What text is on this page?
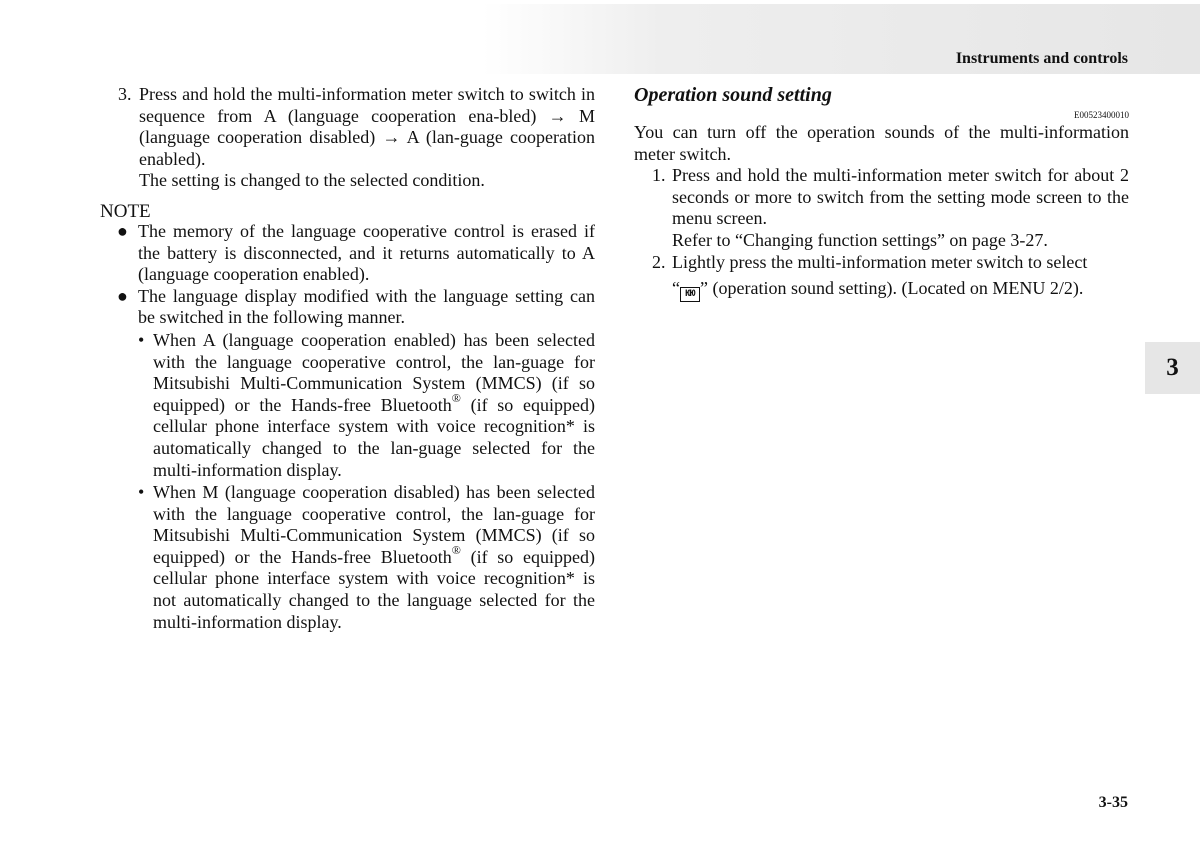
Instruments and controls
3. Press and hold the multi-information meter switch to switch in sequence from A (language cooperation ena-bled) → M (language cooperation disabled) → A (lan-guage cooperation enabled).

The setting is changed to the selected condition.

NOTE
● The memory of the language cooperative control is erased if the battery is disconnected, and it returns automatically to A (language cooperation enabled).
● The language display modified with the language setting can be switched in the following manner.
• When A (language cooperation enabled) has been selected with the language cooperative control, the lan-guage for Mitsubishi Multi-Communication System (MMCS) (if so equipped) or the Hands-free Bluetooth® (if so equipped) cellular phone interface system with voice recognition* is automatically changed to the lan-guage selected for the multi-information display.

• When M (language cooperation disabled) has been selected with the language cooperative control, the lan-guage for Mitsubishi Multi-Communication System (MMCS) (if so equipped) or the Hands-free Bluetooth® (if so equipped) cellular phone interface system with voice recognition* is not automatically changed to the language selected for the multi-information display.

Operation sound setting
E00523400010

You can turn off the operation sounds of the multi-information meter switch.

1. Press and hold the multi-information meter switch for about 2 seconds or more to switch from the setting mode screen to the menu screen.

Refer to “Changing function settings” on page 3-27.

2. Lightly press the multi-information meter switch to select

“ ЮЮ ” (operation sound setting). (Located on MENU 2/2).

3
3-35
